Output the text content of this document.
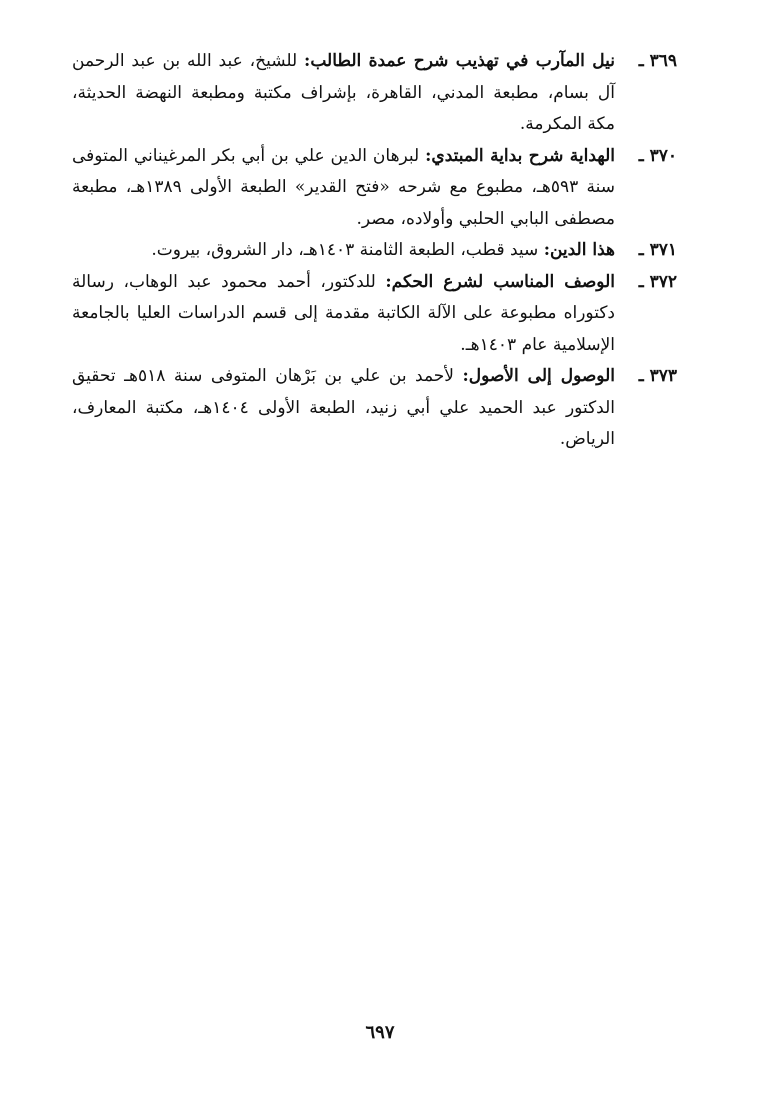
٣٦٩ ـ
نيل المآرب في تهذيب شرح عمدة الطالب: للشيخ، عبد الله بن عبد الرحمن آل بسام، مطبعة المدني، القاهرة، بإشراف مكتبة ومطبعة النهضة الحديثة، مكة المكرمة.

٣٧٠ ـ
الهداية شرح بداية المبتدي: لبرهان الدين علي بن أبي بكر المرغيناني المتوفى سنة ٥٩٣هـ، مطبوع مع شرحه «فتح القدير» الطبعة الأولى ١٣٨٩هـ، مطبعة مصطفى البابي الحلبي وأولاده، مصر.

٣٧١ ـ
هذا الدين: سيد قطب، الطبعة الثامنة ١٤٠٣هـ، دار الشروق، بيروت.

٣٧٢ ـ
الوصف المناسب لشرع الحكم: للدكتور، أحمد محمود عبد الوهاب، رسالة دكتوراه مطبوعة على الآلة الكاتبة مقدمة إلى قسم الدراسات العليا بالجامعة الإسلامية عام ١٤٠٣هـ.

٣٧٣ ـ
الوصول إلى الأصول: لأحمد بن علي بن بَرْهان المتوفى سنة ٥١٨هـ تحقيق الدكتور عبد الحميد علي أبي زنيد، الطبعة الأولى ١٤٠٤هـ، مكتبة المعارف، الرياض.

٦٩٧
